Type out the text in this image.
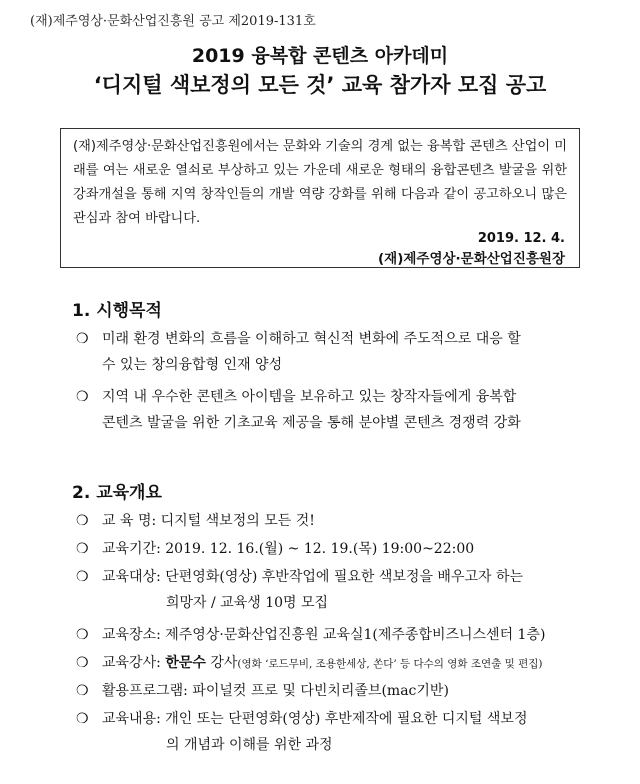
(재)제주영상·문화산업진흥원 공고 제2019-131호
2019 융복합 콘텐츠 아카데미
‘디지털 색보정의 모든 것’ 교육 참가자 모집 공고
(재)제주영상·문화산업진흥원에서는 문화와 기술의 경계 없는 융복합 콘텐츠 산업이 미래를 여는 새로운 열쇠로 부상하고 있는 가운데 새로운 형태의 융합콘텐츠 발굴을 위한 강좌개설을 통해 지역 창작인들의 개발 역량 강화를 위해 다음과 같이 공고하오니 많은 관심과 참여 바랍니다.
2019. 12. 4.
(재)제주영상·문화산업진흥원장
1. 시행목적
❍ 미래 환경 변화의 흐름을 이해하고 혁신적 변화에 주도적으로 대응 할
수 있는 창의융합형 인재 양성
❍ 지역 내 우수한 콘텐츠 아이템을 보유하고 있는 창작자들에게 융복합
콘텐츠 발굴을 위한 기초교육 제공을 통해 분야별 콘텐츠 경쟁력 강화
2. 교육개요
❍ 교 육 명: 디지털 색보정의 모든 것!
❍ 교육기간: 2019. 12. 16.(월) ~ 12. 19.(목) 19:00~22:00
❍ 교육대상: 단편영화(영상) 후반작업에 필요한 색보정을 배우고자 하는
희망자 / 교육생 10명 모집
❍ 교육장소: 제주영상·문화산업진흥원 교육실1(제주종합비즈니스센터 1층)
❍ 교육강사: 한문수 강사(영화 ‘로드무비, 조용한세상, 쏜다’ 등 다수의 영화 조연출 및 편집)
❍ 활용프로그램: 파이널컷 프로 및 다빈치리졸브(mac기반)
❍ 교육내용: 개인 또는 단편영화(영상) 후반제작에 필요한 디지털 색보정
의 개념과 이해를 위한 과정
